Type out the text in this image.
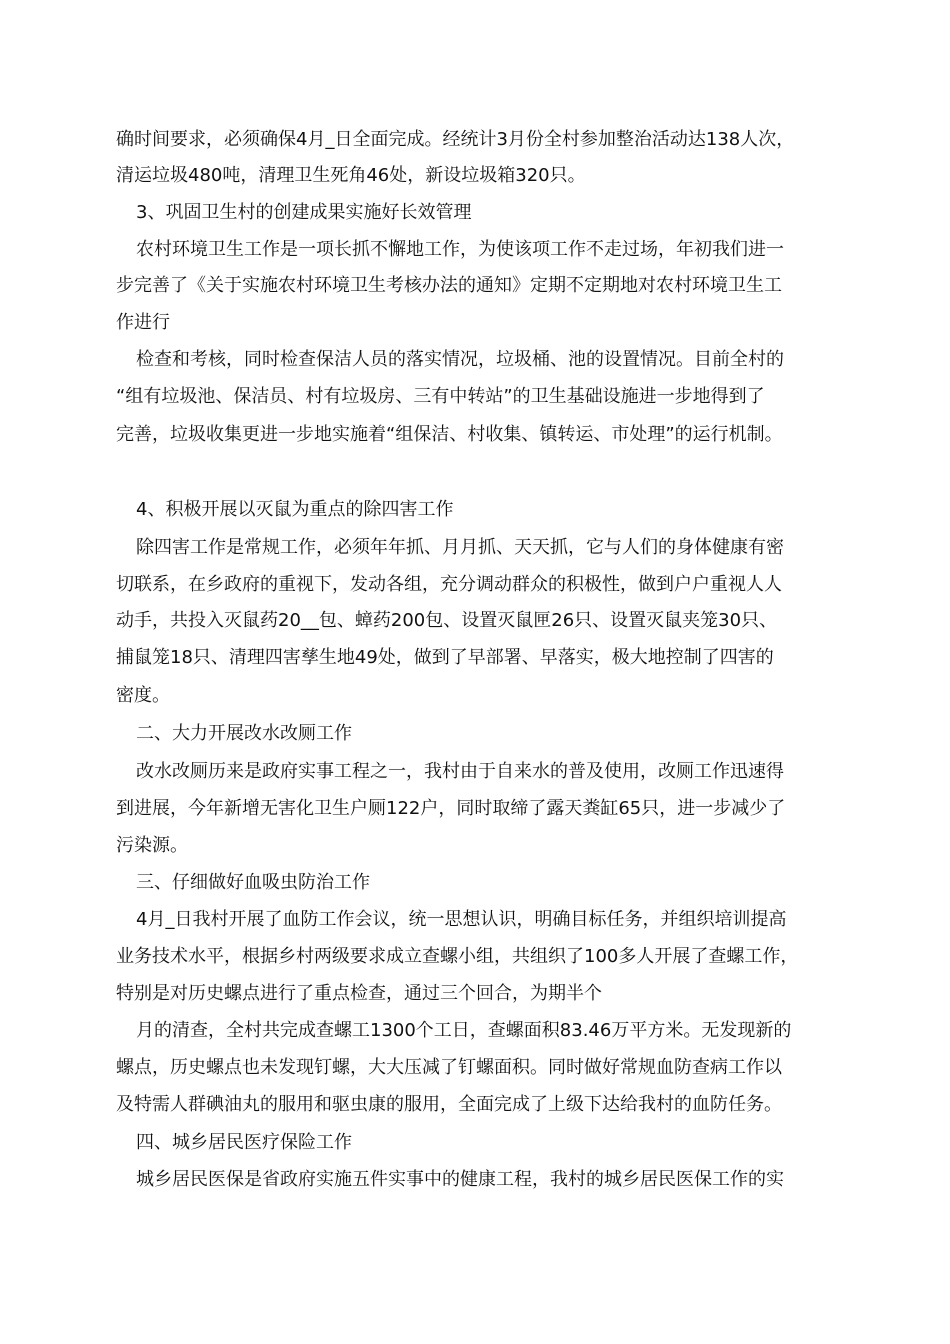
确时间要求，必须确保4月_日全面完成。经统计3月份全村参加整治活动达138人次，
清运垃圾480吨，清理卫生死角46处，新设垃圾箱320只。
3、巩固卫生村的创建成果实施好长效管理
农村环境卫生工作是一项长抓不懈地工作，为使该项工作不走过场，年初我们进一
步完善了《关于实施农村环境卫生考核办法的通知》定期不定期地对农村环境卫生工
作进行
检查和考核，同时检查保洁人员的落实情况，垃圾桶、池的设置情况。目前全村的
“组有垃圾池、保洁员、村有垃圾房、三有中转站”的卫生基础设施进一步地得到了
完善，垃圾收集更进一步地实施着“组保洁、村收集、镇转运、市处理”的运行机制。
4、积极开展以灭鼠为重点的除四害工作
除四害工作是常规工作，必须年年抓、月月抓、天天抓，它与人们的身体健康有密
切联系，在乡政府的重视下，发动各组，充分调动群众的积极性，做到户户重视人人
动手，共投入灭鼠药20__包、蟑药200包、设置灭鼠匣26只、设置灭鼠夹笼30只、
捕鼠笼18只、清理四害孳生地49处，做到了早部署、早落实，极大地控制了四害的
密度。
二、大力开展改水改厕工作
改水改厕历来是政府实事工程之一，我村由于自来水的普及使用，改厕工作迅速得
到进展，今年新增无害化卫生户厕122户，同时取缔了露天粪缸65只，进一步减少了
污染源。
三、仔细做好血吸虫防治工作
4月_日我村开展了血防工作会议，统一思想认识，明确目标任务，并组织培训提高
业务技术水平，根据乡村两级要求成立查螺小组，共组织了100多人开展了查螺工作，
特别是对历史螺点进行了重点检查，通过三个回合，为期半个
月的清查，全村共完成查螺工1300个工日，查螺面积83.46万平方米。无发现新的
螺点，历史螺点也未发现钉螺，大大压减了钉螺面积。同时做好常规血防查病工作以
及特需人群碘油丸的服用和驱虫康的服用，全面完成了上级下达给我村的血防任务。
四、城乡居民医疗保险工作
城乡居民医保是省政府实施五件实事中的健康工程，我村的城乡居民医保工作的实
